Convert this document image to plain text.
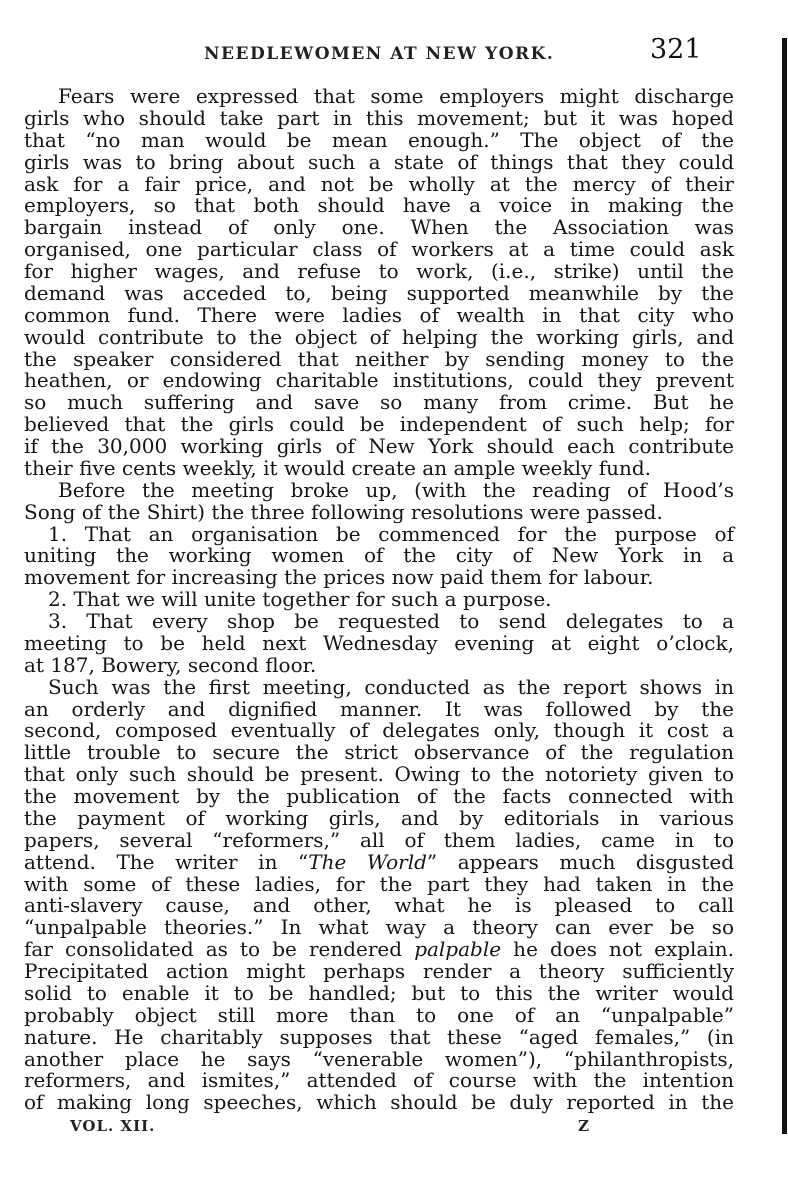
NEEDLEWOMEN AT NEW YORK.	321
Fears were expressed that some employers might discharge
girls who should take part in this movement; but it was hoped
that “no man would be mean enough.” The object of the
girls was to bring about such a state of things that they could
ask for a fair price, and not be wholly at the mercy of their
employers, so that both should have a voice in making the
bargain instead of only one. When the Association was
organised, one particular class of workers at a time could ask
for higher wages, and refuse to work, (i.e., strike) until the
demand was acceded to, being supported meanwhile by the
common fund. There were ladies of wealth in that city who
would contribute to the object of helping the working girls, and
the speaker considered that neither by sending money to the
heathen, or endowing charitable institutions, could they prevent
so much suffering and save so many from crime. But he
believed that the girls could be independent of such help; for
if the 30,000 working girls of New York should each contribute
their five cents weekly, it would create an ample weekly fund.
Before the meeting broke up, (with the reading of Hood’s
Song of the Shirt) the three following resolutions were passed.
1. That an organisation be commenced for the purpose of
uniting the working women of the city of New York in a
movement for increasing the prices now paid them for labour.
2. That we will unite together for such a purpose.
3. That every shop be requested to send delegates to a
meeting to be held next Wednesday evening at eight o’clock,
at 187, Bowery, second floor.
Such was the first meeting, conducted as the report shows in
an orderly and dignified manner. It was followed by the
second, composed eventually of delegates only, though it cost a
little trouble to secure the strict observance of the regulation
that only such should be present. Owing to the notoriety given to
the movement by the publication of the facts connected with
the payment of working girls, and by editorials in various
papers, several “reformers,” all of them ladies, came in to
attend. The writer in “The World” appears much disgusted
with some of these ladies, for the part they had taken in the
anti-slavery cause, and other, what he is pleased to call
“unpalpable theories.” In what way a theory can ever be so
far consolidated as to be rendered palpable he does not explain.
Precipitated action might perhaps render a theory sufficiently
solid to enable it to be handled; but to this the writer would
probably object still more than to one of an “unpalpable”
nature. He charitably supposes that these “aged females,” (in
another place he says “venerable women”), “philanthropists,
reformers, and ismites,” attended of course with the intention
of making long speeches, which should be duly reported in the
VOL. XII.	Z
